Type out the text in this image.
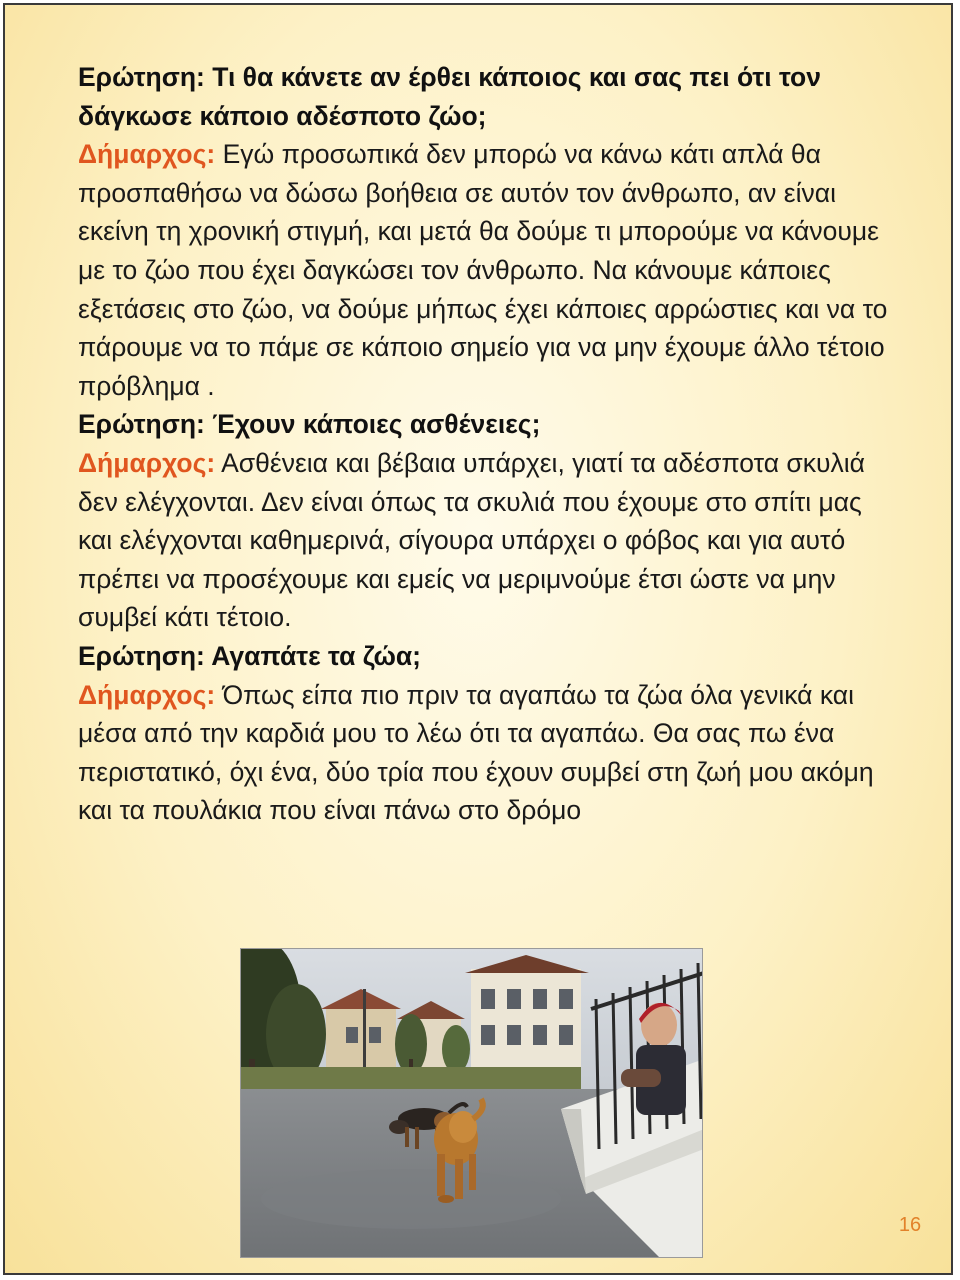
Ερώτηση: Τι θα κάνετε αν έρθει κάποιος και σας πει ότι τον δάγκωσε κάποιο αδέσποτο ζώο;

Δήμαρχος: Εγώ προσωπικά δεν μπορώ να κάνω κάτι απλά θα προσπαθήσω να δώσω βοήθεια σε αυτόν τον άνθρωπο, αν είναι εκείνη τη χρονική στιγμή, και μετά θα δούμε τι μπορούμε να κάνουμε με το ζώο που έχει δαγκώσει τον άνθρωπο. Να κάνουμε κάποιες εξετάσεις στο ζώο, να δούμε μήπως έχει κάποιες αρρώστιες και να το πάρουμε να το πάμε σε κάποιο σημείο για να μην έχουμε άλλο τέτοιο πρόβλημα .

Ερώτηση: Έχουν κάποιες ασθένειες;

Δήμαρχος: Ασθένεια και βέβαια υπάρχει, γιατί τα αδέσποτα σκυλιά δεν ελέγχονται. Δεν είναι όπως τα σκυλιά που έχουμε στο σπίτι μας και ελέγχονται καθημερινά, σίγουρα υπάρχει ο φόβος και για αυτό πρέπει να προσέχουμε και εμείς να μεριμνούμε έτσι ώστε να μην συμβεί κάτι τέτοιο.

Ερώτηση: Αγαπάτε τα ζώα;

Δήμαρχος: Όπως είπα πιο πριν τα αγαπάω τα ζώα όλα γενικά και μέσα από την καρδιά μου το λέω ότι τα αγαπάω. Θα σας πω ένα περιστατικό, όχι ένα, δύο τρία που έχουν συμβεί στη ζωή μου ακόμη και τα πουλάκια που είναι πάνω στο δρόμο

16
